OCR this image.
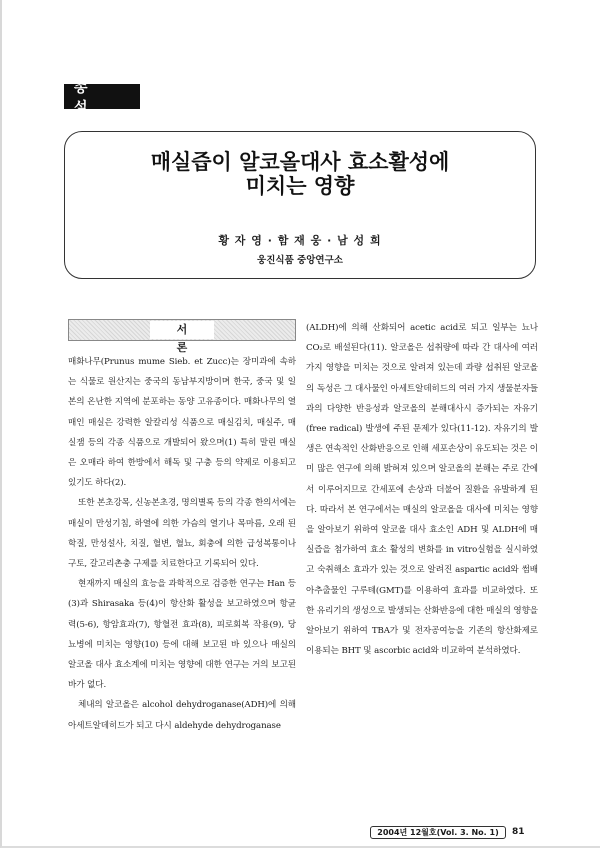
총 설
매실즙이 알코올대사 효소활성에
미치는 영향
황 자 영 · 함 재 웅 · 남 성 희
웅진식품 중앙연구소
서 론

매화나무(Prunus mume Sieb. et Zucc)는 장미과에 속하는 식물로 원산지는 중국의 동남부지방이며 한국, 중국 및 일본의 온난한 지역에 분포하는 동양 고유종이다. 매화나무의 열매인 매실은 강력한 알칼리성 식품으로 매실김치, 매실주, 매실잼 등의 각종 식품으로 개발되어 왔으며(1) 특히 말린 매실은 오매라 하여 한방에서 해독 및 구충 등의 약제로 이용되고 있기도 하다(2).

또한 본초강목, 신농본초경, 명의별록 등의 각종 한의서에는 매실이 만성기침, 하열에 의한 가슴의 열기나 목마름, 오래 된 학질, 만성설사, 치질, 혈변, 혈뇨, 회충에 의한 급성복통이나 구토, 갈고리촌충 구제를 치료한다고 기록되어 있다.

현재까지 매실의 효능을 과학적으로 검증한 연구는 Han 등(3)과 Shirasaka 등(4)이 항산화 활성을 보고하였으며 항균력(5-6), 항암효과(7), 항혈전 효과(8), 피로회복 작용(9), 당뇨병에 미치는 영향(10) 등에 대해 보고된 바 있으나 매실의 알코올 대사 효소계에 미치는 영향에 대한 연구는 거의 보고된 바가 없다.

체내의 알코올은 alcohol dehydroganase(ADH)에 의해 아세트알데히드가 되고 다시 aldehyde dehydroganase

(ALDH)에 의해 산화되어 acetic acid로 되고 일부는 뇨나 CO₂로 배설된다(11). 알코올은 섭취량에 따라 간 대사에 여러 가지 영향을 미치는 것으로 알려져 있는데 과량 섭취된 알코올의 독성은 그 대사물인 아세트알데히드의 여러 가지 생물분자들과의 다양한 반응성과 알코올의 분해대사시 증가되는 자유기(free radical) 발생에 주된 문제가 있다(11-12). 자유기의 발생은 연속적인 산화반응으로 인해 세포손상이 유도되는 것은 이미 많은 연구에 의해 밝혀져 있으며 알코올의 분해는 주로 간에서 이루어지므로 간세포에 손상과 더불어 질환을 유발하게 된다. 따라서 본 연구에서는 매실의 알코올을 대사에 미치는 영향을 알아보기 위하여 알코올 대사 효소인 ADH 및 ALDH에 매실즙을 첨가하여 효소 활성의 변화를 in vitro실험을 실시하였고 숙취해소 효과가 있는 것으로 알려진 aspartic acid와 썸배아추출물인 구루톄(GMT)를 이용하여 효과를 비교하였다. 또한 유리기의 생성으로 발생되는 산화반응에 대한 매실의 영향을 알아보기 위하여 TBA가 및 전자공여능을 기존의 항산화제로 이용되는 BHT 및 ascorbic acid와 비교하여 분석하였다.

2004년 12월호(Vol. 3. No. 1)	81
